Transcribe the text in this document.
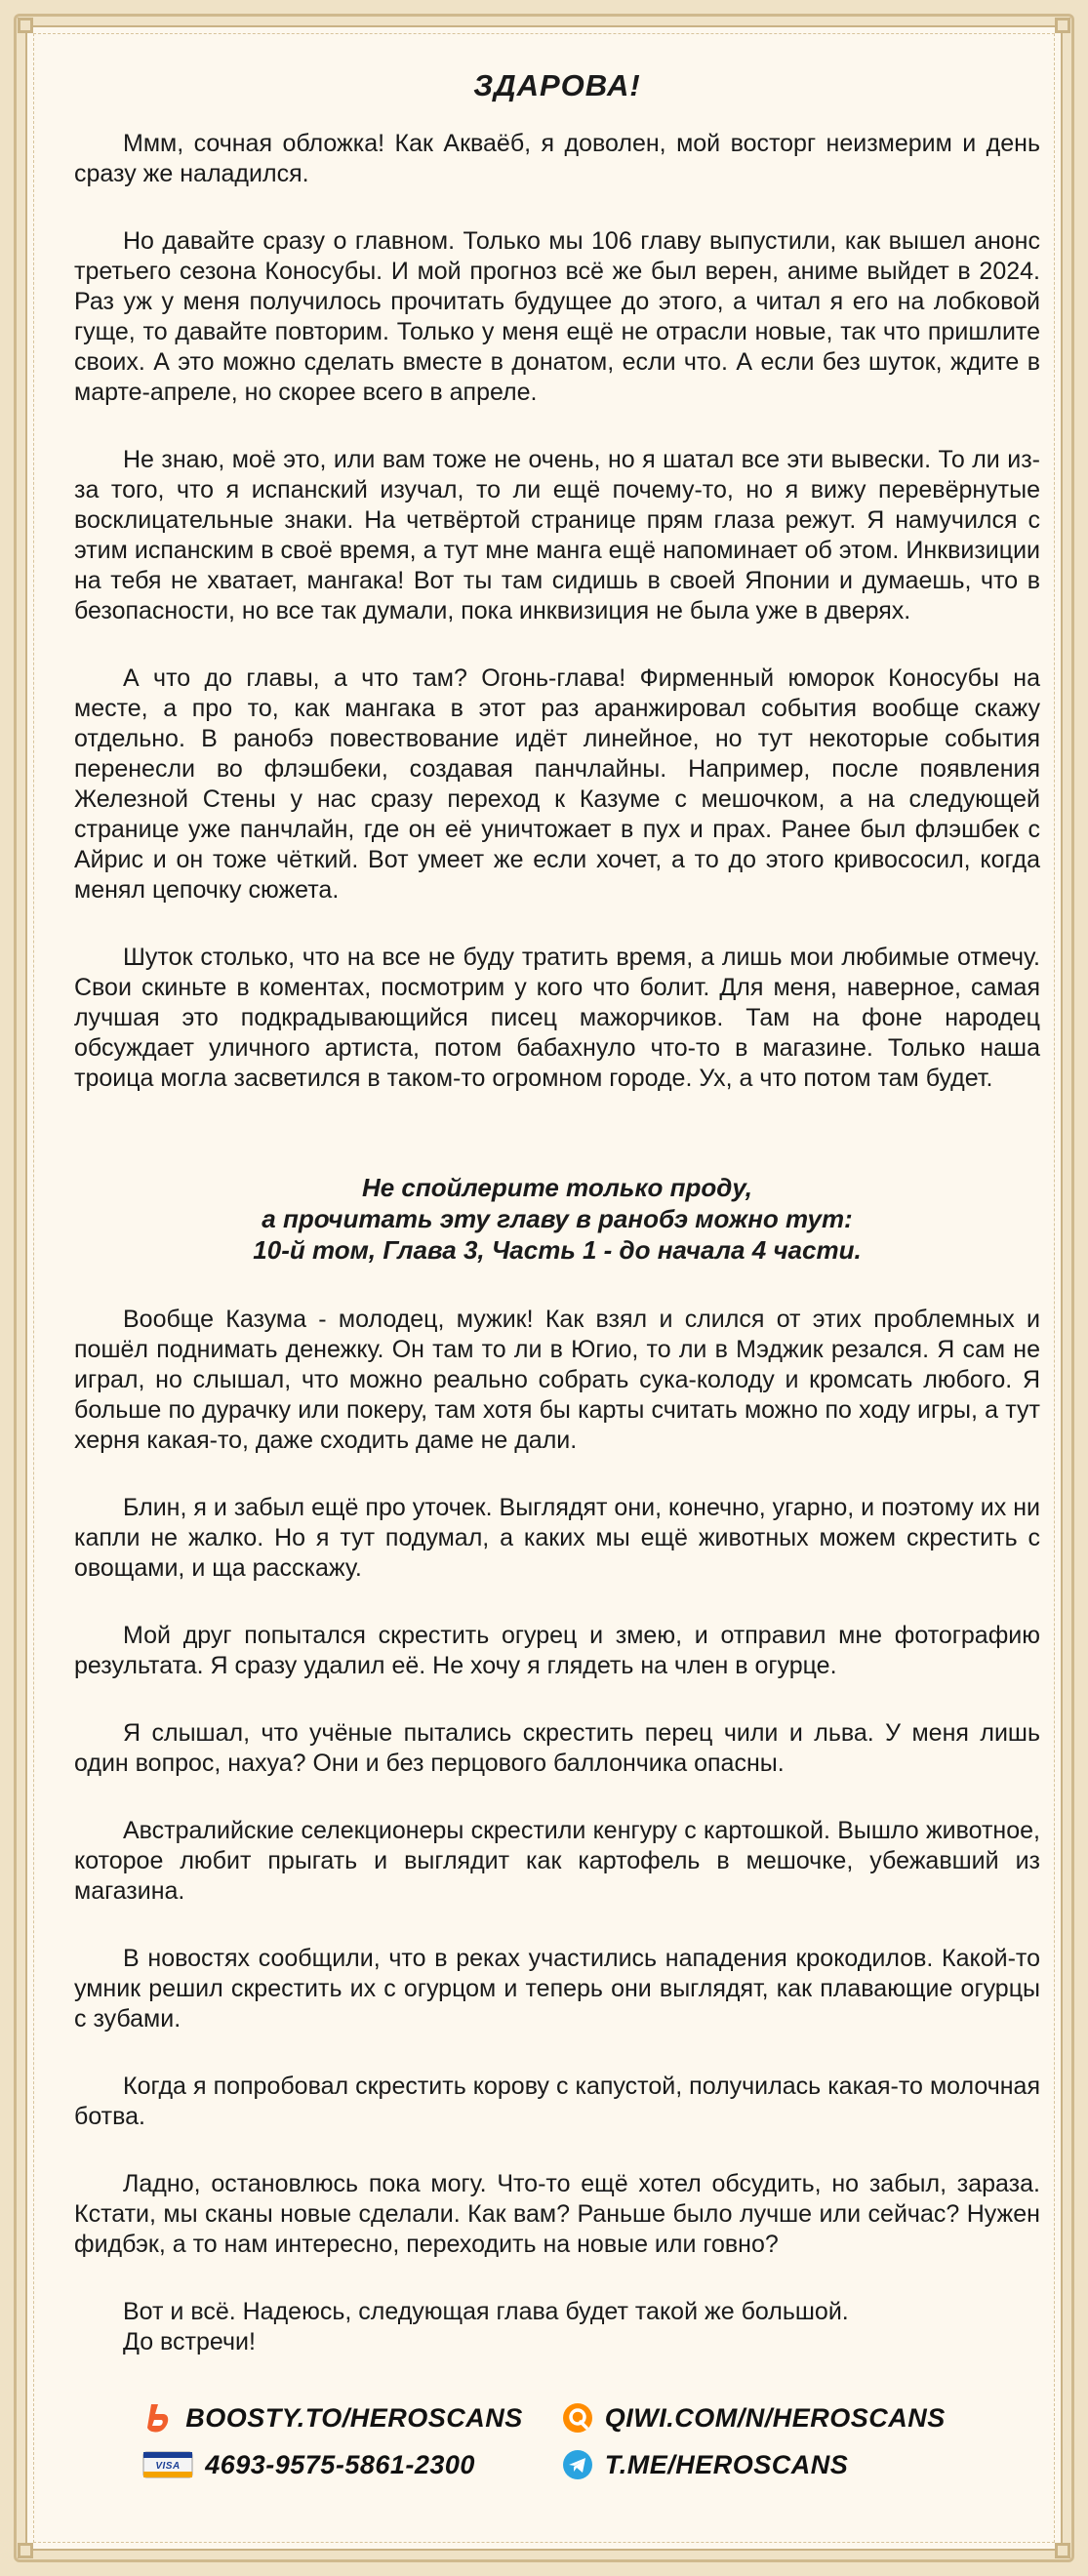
ЗДАРОВА!

Ммм, сочная обложка! Как Акваёб, я доволен, мой восторг неизмерим и день сразу же наладился.

Но давайте сразу о главном. Только мы 106 главу выпустили, как вышел анонс третьего сезона Коносубы. И мой прогноз всё же был верен, аниме выйдет в 2024. Раз уж у меня получилось прочитать будущее до этого, а читал я его на лобковой гуще, то давайте повторим. Только у меня ещё не отрасли новые, так что пришлите своих. А это можно сделать вместе в донатом, если что. А если без шуток, ждите в марте-апреле, но скорее всего в апреле.

Не знаю, моё это, или вам тоже не очень, но я шатал все эти вывески. То ли из-за того, что я испанский изучал, то ли ещё почему-то, но я вижу перевёрнутые восклицательные знаки. На четвёртой странице прям глаза режут. Я намучился с этим испанским в своё время, а тут мне манга ещё напоминает об этом. Инквизиции на тебя не хватает, мангака! Вот ты там сидишь в своей Японии и думаешь, что в безопасности, но все так думали, пока инквизиция не была уже в дверях.

А что до главы, а что там? Огонь-глава! Фирменный юморок Коносубы на месте, а про то, как мангака в этот раз аранжировал события вообще скажу отдельно. В ранобэ повествование идёт линейное, но тут некоторые события перенесли во флэшбеки, создавая панчлайны. Например, после появления Железной Стены у нас сразу переход к Казуме с мешочком, а на следующей странице уже панчлайн, где он её уничтожает в пух и прах. Ранее был флэшбек с Айрис и он тоже чёткий. Вот умеет же если хочет, а то до этого кривососил, когда менял цепочку сюжета.

Шуток столько, что на все не буду тратить время, а лишь мои любимые отмечу. Свои скиньте в коментах, посмотрим у кого что болит. Для меня, наверное, самая лучшая это подкрадывающийся писец мажорчиков. Там на фоне народец обсуждает уличного артиста, потом бабахнуло что-то в магазине. Только наша троица могла засветился в таком-то огромном городе. Ух, а что потом там будет.

Не спойлерите только проду,
а прочитать эту главу в ранобэ можно тут:
10-й том, Глава 3, Часть 1 - до начала 4 части.

Вообще Казума - молодец, мужик! Как взял и слился от этих проблемных и пошёл поднимать денежку. Он там то ли в Югио, то ли в Мэджик резался. Я сам не играл, но слышал, что можно реально собрать сука-колоду и кромсать любого. Я больше по дурачку или покеру, там хотя бы карты считать можно по ходу игры, а тут херня какая-то, даже сходить даме не дали.

Блин, я и забыл ещё про уточек. Выглядят они, конечно, угарно, и поэтому их ни капли не жалко. Но я тут подумал, а каких мы ещё животных можем скрестить с овощами, и ща расскажу.

Мой друг попытался скрестить огурец и змею, и отправил мне фотографию результата. Я сразу удалил её. Не хочу я глядеть на член в огурце.

Я слышал, что учёные пытались скрестить перец чили и льва. У меня лишь один вопрос, нахуа? Они и без перцового баллончика опасны.

Австралийские селекционеры скрестили кенгуру с картошкой. Вышло животное, которое любит прыгать и выглядит как картофель в мешочке, убежавший из магазина.

В новостях сообщили, что в реках участились нападения крокодилов. Какой-то умник решил скрестить их с огурцом и теперь они выглядят, как плавающие огурцы с зубами.

Когда я попробовал скрестить корову с капустой, получилась какая-то молочная ботва.

Ладно, остановлюсь пока могу. Что-то ещё хотел обсудить, но забыл, зараза. Кстати, мы сканы новые сделали. Как вам? Раньше было лучше или сейчас? Нужен фидбэк, а то нам интересно, переходить на новые или говно?

Вот и всё. Надеюсь, следующая глава будет такой же большой.

До встречи!

BOOSTY.TO/HEROSCANS	QIWI.COM/N/HEROSCANS
VISA 4693-9575-5861-2300	T.ME/HEROSCANS
